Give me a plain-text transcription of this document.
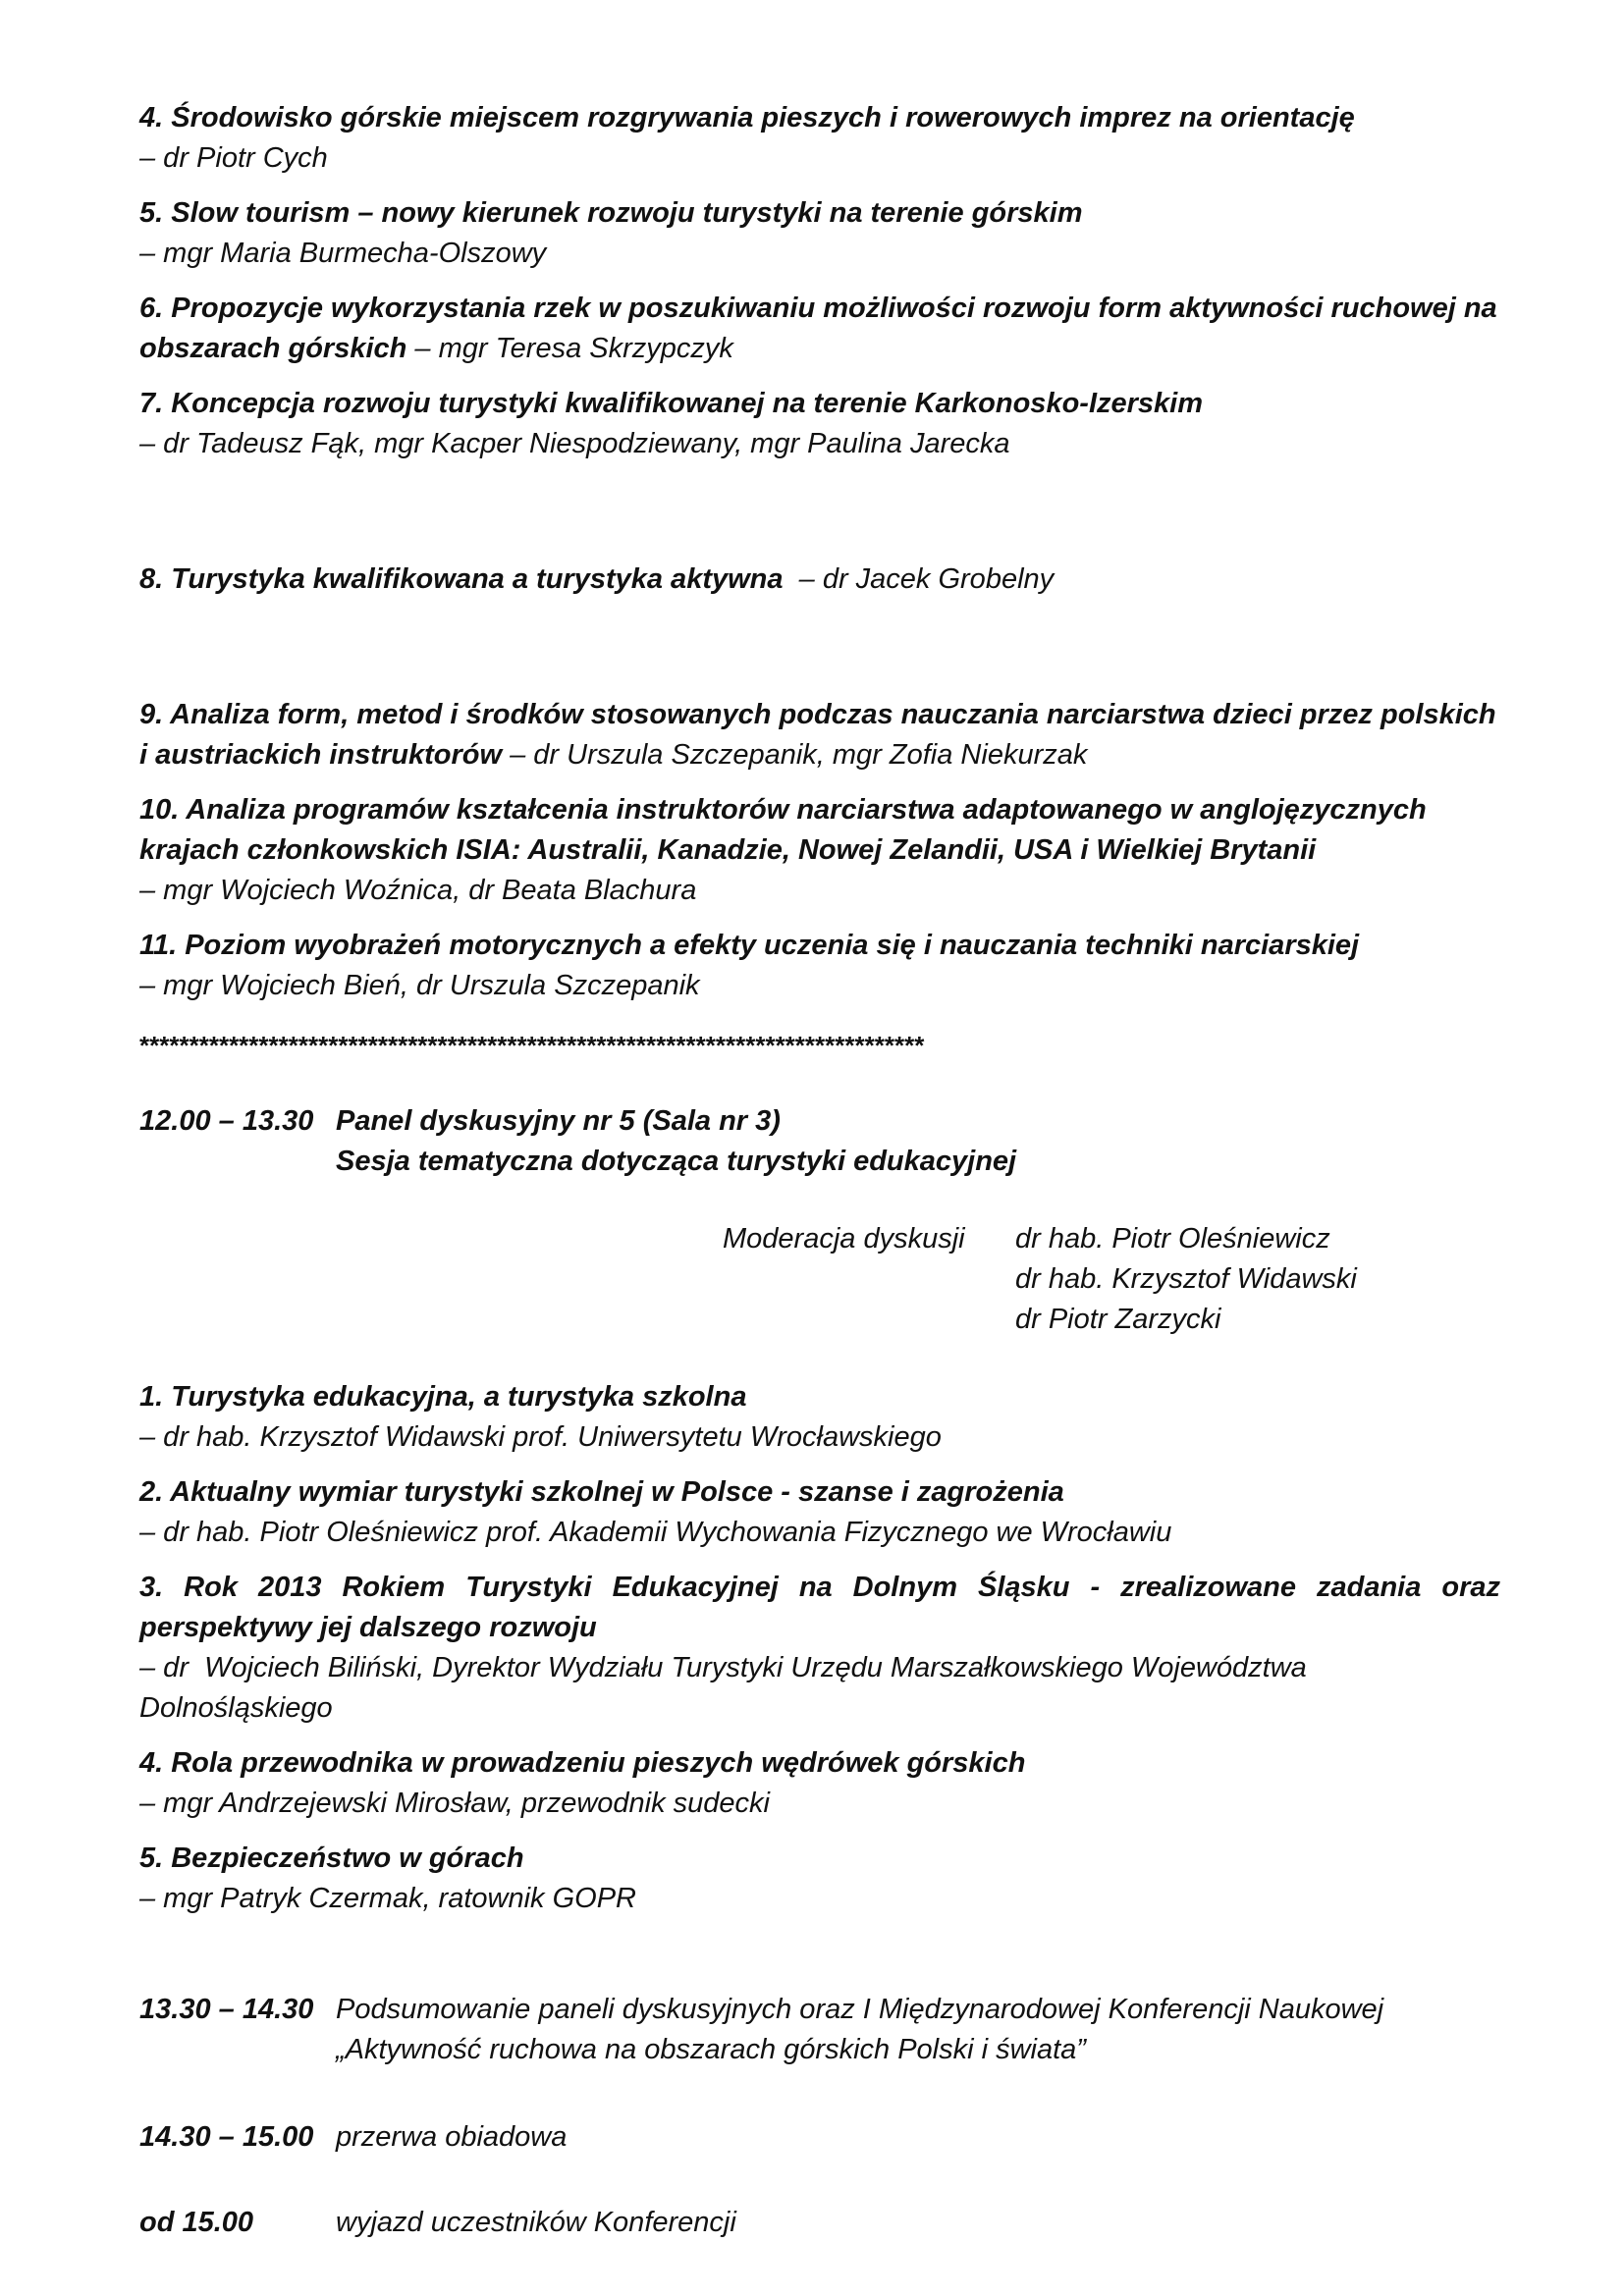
4. Środowisko górskie miejscem rozgrywania pieszych i rowerowych imprez na orientację
– dr Piotr Cych
5. Slow tourism – nowy kierunek rozwoju turystyki na terenie górskim
– mgr Maria Burmecha-Olszowy
6. Propozycje wykorzystania rzek w poszukiwaniu możliwości rozwoju form aktywności ruchowej na obszarach górskich – mgr Teresa Skrzypczyk
7. Koncepcja rozwoju turystyki kwalifikowanej na terenie Karkonosko-Izerskim
– dr Tadeusz Fąk, mgr Kacper Niespodziewany, mgr Paulina Jarecka

8. Turystyka kwalifikowana a turystyka aktywna  – dr Jacek Grobelny

9. Analiza form, metod i środków stosowanych podczas nauczania narciarstwa dzieci przez polskich i austriackich instruktorów – dr Urszula Szczepanik, mgr Zofia Niekurzak
10. Analiza programów kształcenia instruktorów narciarstwa adaptowanego w anglojęzycznych krajach członkowskich ISIA: Australii, Kanadzie, Nowej Zelandii, USA i Wielkiej Brytanii
– mgr Wojciech Woźnica, dr Beata Blachura
11. Poziom wyobrażeń motorycznych a efekty uczenia się i nauczania techniki narciarskiej
– mgr Wojciech Bień, dr Urszula Szczepanik
*******************************************************************************
12.00 – 13.30 Panel dyskusyjny nr 5 (Sala nr 3)
Sesja tematyczna dotycząca turystyki edukacyjnej
Moderacja dyskusji	dr hab. Piotr Oleśniewicz
dr hab. Krzysztof Widawski
dr Piotr Zarzycki
1. Turystyka edukacyjna, a turystyka szkolna
– dr hab. Krzysztof Widawski prof. Uniwersytetu Wrocławskiego
2. Aktualny wymiar turystyki szkolnej w Polsce - szanse i zagrożenia
– dr hab. Piotr Oleśniewicz prof. Akademii Wychowania Fizycznego we Wrocławiu
3. Rok 2013 Rokiem Turystyki Edukacyjnej na Dolnym Śląsku - zrealizowane zadania oraz perspektywy jej dalszego rozwoju
– dr  Wojciech Biliński, Dyrektor Wydziału Turystyki Urzędu Marszałkowskiego Województwa Dolnośląskiego
4. Rola przewodnika w prowadzeniu pieszych wędrówek górskich
– mgr Andrzejewski Mirosław, przewodnik sudecki
5. Bezpieczeństwo w górach
– mgr Patryk Czermak, ratownik GOPR
13.30 – 14.30 Podsumowanie paneli dyskusyjnych oraz I Międzynarodowej Konferencji Naukowej
„Aktywność ruchowa na obszarach górskich Polski i świata”
14.30 – 15.00 przerwa obiadowa
od 15.00	wyjazd uczestników Konferencji
